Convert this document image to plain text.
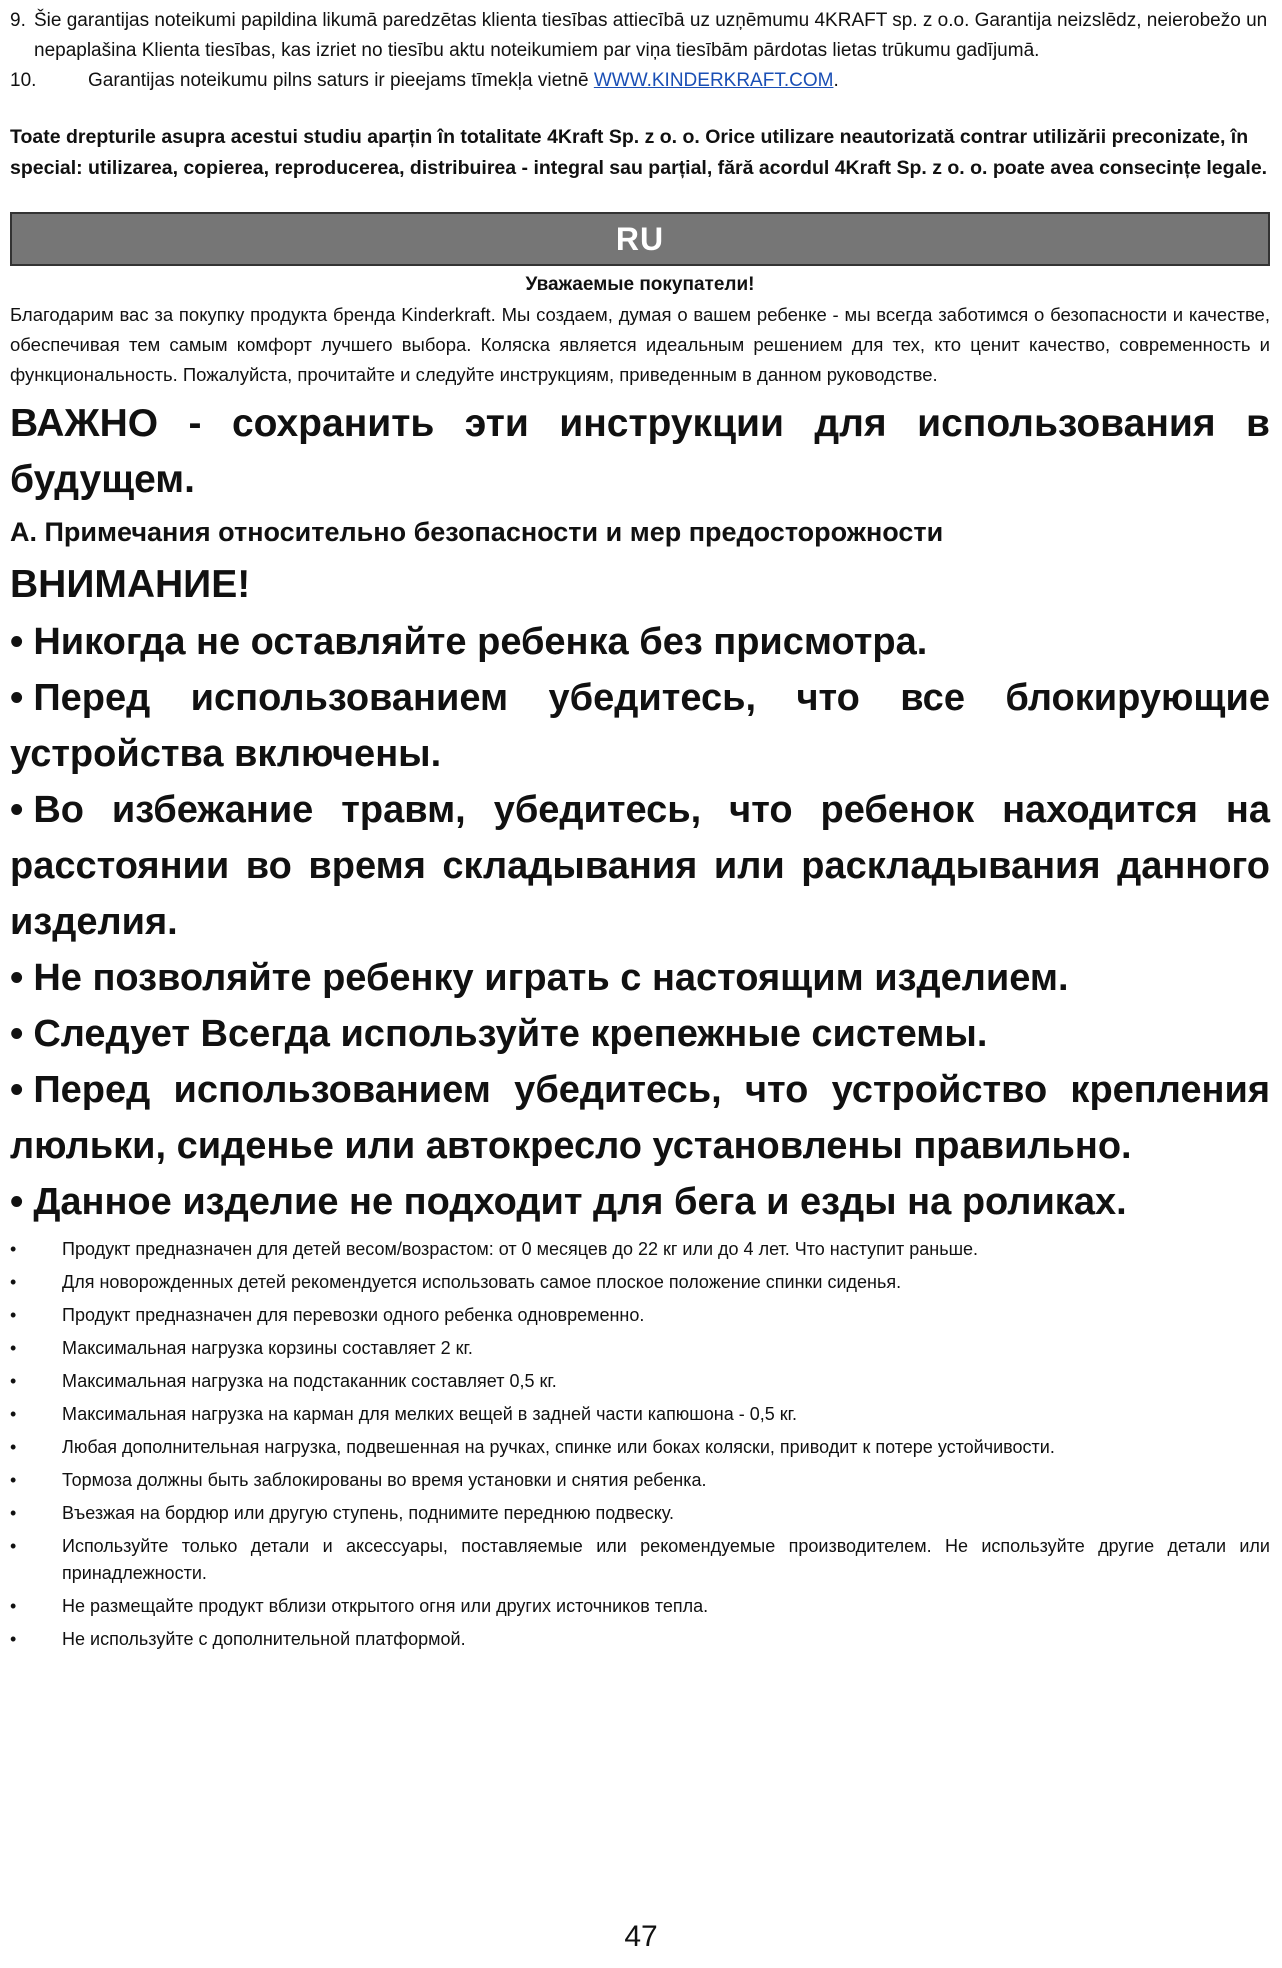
9. Šie garantijas noteikumi papildina likumā paredzētas klienta tiesības attiecībā uz uzņēmumu 4KRAFT sp. z o.o. Garantija neizslēdz, neierobežo un nepaplašina Klienta tiesības, kas izriet no tiesību aktu noteikumiem par viņa tiesībām pārdotas lietas trūkumu gadījumā.
10.	Garantijas noteikumu pilns saturs ir pieejams tīmekļa vietnē WWW.KINDERKRAFT.COM.
Toate drepturile asupra acestui studiu aparțin în totalitate 4Kraft Sp. z o. o. Orice utilizare neautorizată contrar utilizării preconizate, în special: utilizarea, copierea, reproducerea, distribuirea - integral sau parțial, fără acordul 4Kraft Sp. z o. o. poate avea consecințe legale.
RU
Уважаемые покупатели!
Благодарим вас за покупку продукта бренда Kinderkraft. Мы создаем, думая о вашем ребенке - мы всегда заботимся о безопасности и качестве, обеспечивая тем самым комфорт лучшего выбора. Коляска является идеальным решением для тех, кто ценит качество, современность и функциональность. Пожалуйста, прочитайте и следуйте инструкциям, приведенным в данном руководстве.
ВАЖНО - сохранить эти инструкции для использования в будущем.
А. Примечания относительно безопасности и мер предосторожности
ВНИМАНИЕ!
• Никогда не оставляйте ребенка без присмотра.
• Перед использованием убедитесь, что все блокирующие устройства включены.
• Во избежание травм, убедитесь, что ребенок находится на расстоянии во время складывания или раскладывания данного изделия.
• Не позволяйте ребенку играть с настоящим изделием.
• Следует Всегда используйте крепежные системы.
• Перед использованием убедитесь, что устройство крепления люльки, сиденье или автокресло установлены правильно.
• Данное изделие не подходит для бега и езды на роликах.
•	Продукт предназначен для детей весом/возрастом: от 0 месяцев до 22 кг или до 4 лет. Что наступит раньше.
•	Для новорожденных детей рекомендуется использовать самое плоское положение спинки сиденья.
•	Продукт предназначен для перевозки одного ребенка одновременно.
•	Максимальная нагрузка корзины составляет 2 кг.
•	Максимальная нагрузка на подстаканник составляет 0,5 кг.
•	Максимальная нагрузка на карман для мелких вещей в задней части капюшона - 0,5 кг.
•	Любая дополнительная нагрузка, подвешенная на ручках, спинке или боках коляски, приводит к потере устойчивости.
•	Тормоза должны быть заблокированы во время установки и снятия ребенка.
•	Въезжая на бордюр или другую ступень, поднимите переднюю подвеску.
•	Используйте только детали и аксессуары, поставляемые или рекомендуемые производителем. Не используйте другие детали или принадлежности.
•	Не размещайте продукт вблизи открытого огня или других источников тепла.
•	Не используйте с дополнительной платформой.
47
